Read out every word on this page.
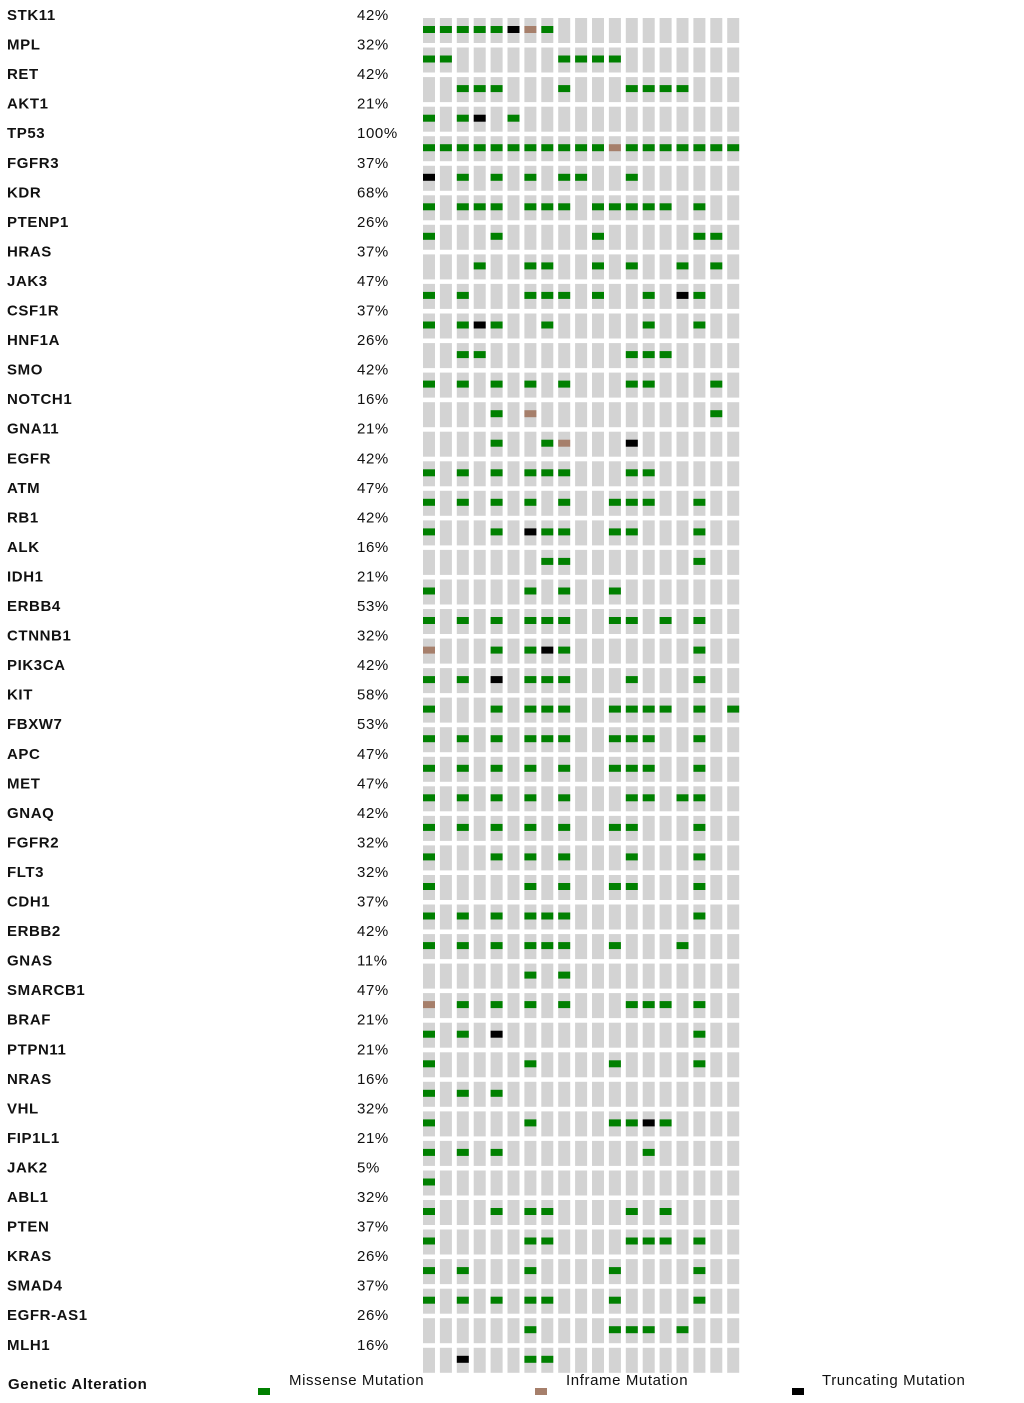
STK11	42%
MPL	32%
RET	42%
AKT1	21%
TP53	100%
FGFR3	37%
KDR	68%
PTENP1	26%
HRAS	37%
JAK3	47%
CSF1R	37%
HNF1A	26%
SMO	42%
NOTCH1	16%
GNA11	21%
EGFR	42%
ATM	47%
RB1	42%
ALK	16%
IDH1	21%
ERBB4	53%
CTNNB1	32%
PIK3CA	42%
KIT	58%
FBXW7	53%
APC	47%
MET	47%
GNAQ	42%
FGFR2	32%
FLT3	32%
CDH1	37%
ERBB2	42%
GNAS	11%
SMARCB1	47%
BRAF	21%
PTPN11	21%
NRAS	16%
VHL	32%
FIP1L1	21%
JAK2	5%
ABL1	32%
PTEN	37%
KRAS	26%
SMAD4	37%
EGFR-AS1	26%
MLH1	16%
Genetic Alteration	Missense Mutation	Inframe Mutation	Truncating Mutation
